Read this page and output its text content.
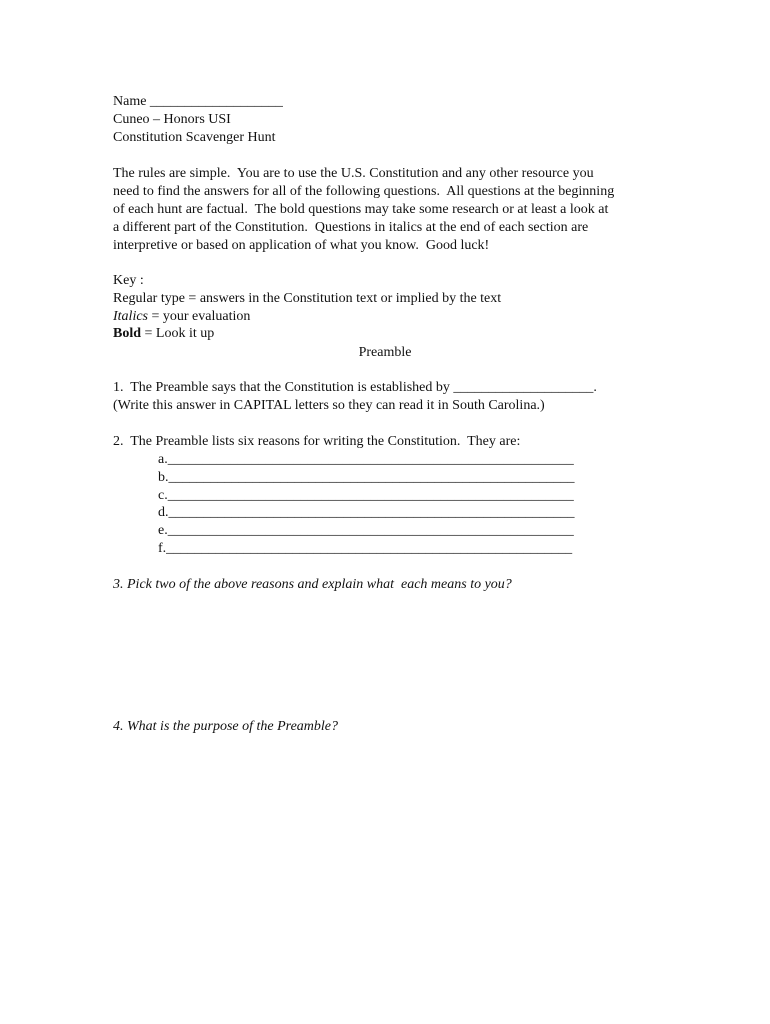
Name ___________________
Cuneo – Honors USI
Constitution Scavenger Hunt
The rules are simple.  You are to use the U.S. Constitution and any other resource you
need to find the answers for all of the following questions.  All questions at the beginning
of each hunt are factual.  The bold questions may take some research or at least a look at
a different part of the Constitution.  Questions in italics at the end of each section are
interpretive or based on application of what you know.  Good luck!
Key :
Regular type = answers in the Constitution text or implied by the text
Italics = your evaluation
Bold = Look it up
Preamble
1.  The Preamble says that the Constitution is established by ____________________.
(Write this answer in CAPITAL letters so they can read it in South Carolina.)
2.  The Preamble lists six reasons for writing the Constitution.  They are:
a.__________________________________________________________
b.__________________________________________________________
c.__________________________________________________________
d.__________________________________________________________
e.__________________________________________________________
f.__________________________________________________________
3. Pick two of the above reasons and explain what  each means to you?
4. What is the purpose of the Preamble?
